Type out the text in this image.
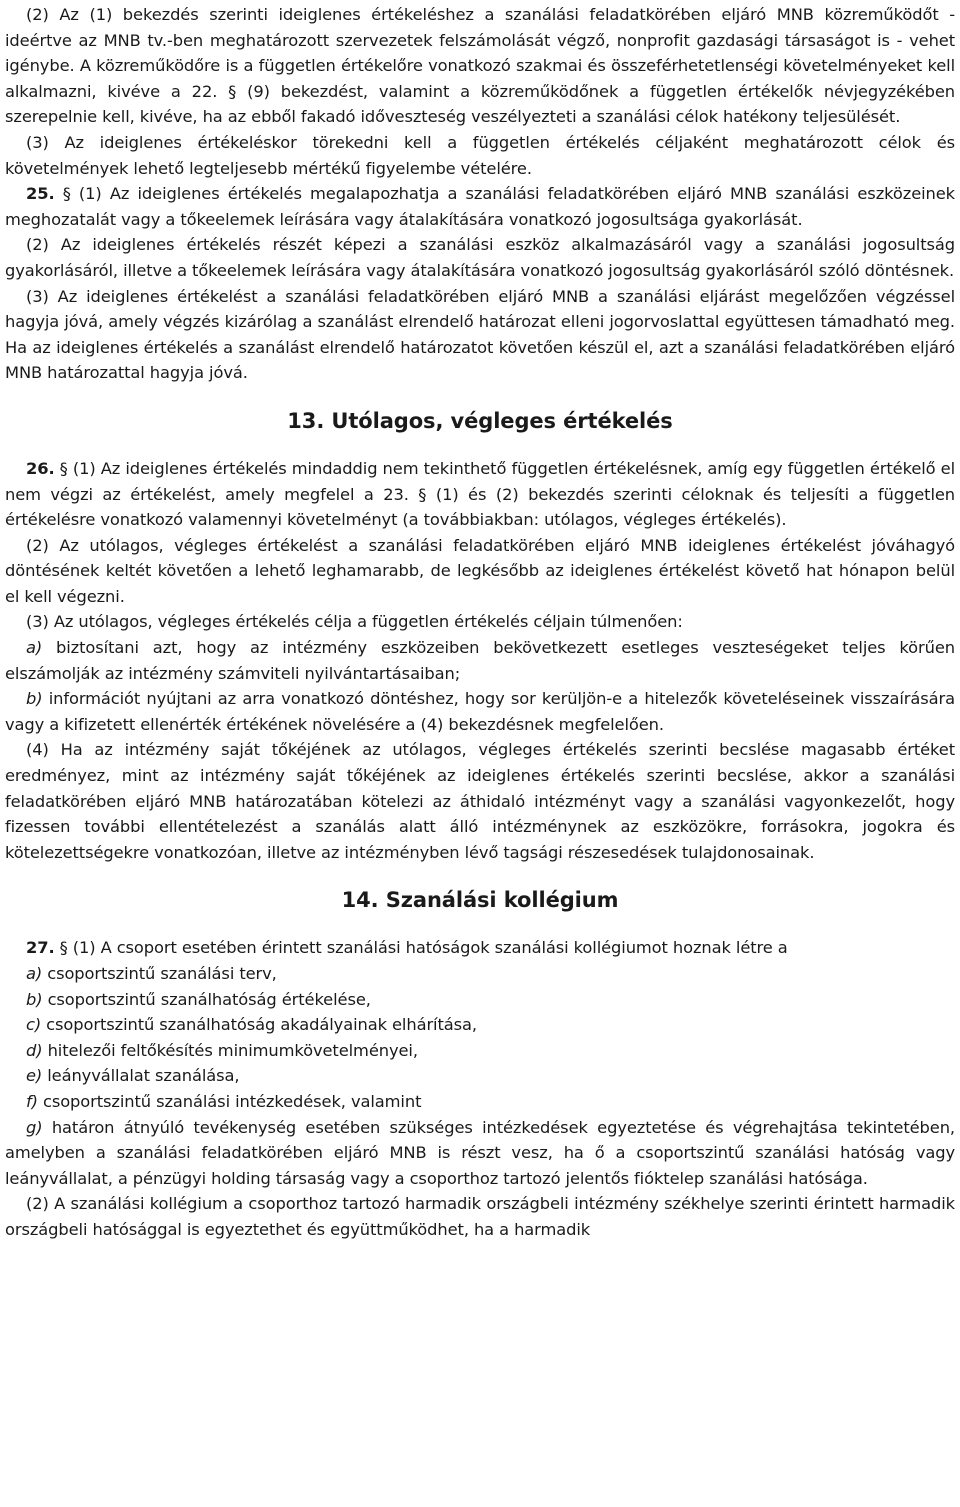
(2) Az (1) bekezdés szerinti ideiglenes értékeléshez a szanálási feladatkörében eljáró MNB közreműködőt - ideértve az MNB tv.-ben meghatározott szervezetek felszámolását végző, nonprofit gazdasági társaságot is - vehet igénybe. A közreműködőre is a független értékelőre vonatkozó szakmai és összeférhetetlenségi követelményeket kell alkalmazni, kivéve a 22. § (9) bekezdést, valamint a közreműködőnek a független értékelők névjegyzékében szerepelnie kell, kivéve, ha az ebből fakadó időveszteség veszélyezteti a szanálási célok hatékony teljesülését.

(3) Az ideiglenes értékeléskor törekedni kell a független értékelés céljaként meghatározott célok és követelmények lehető legteljesebb mértékű figyelembe vételére.

25. § (1) Az ideiglenes értékelés megalapozhatja a szanálási feladatkörében eljáró MNB szanálási eszközeinek meghozatalát vagy a tőkeelemek leírására vagy átalakítására vonatkozó jogosultsága gyakorlását.

(2) Az ideiglenes értékelés részét képezi a szanálási eszköz alkalmazásáról vagy a szanálási jogosultság gyakorlásáról, illetve a tőkeelemek leírására vagy átalakítására vonatkozó jogosultság gyakorlásáról szóló döntésnek.

(3) Az ideiglenes értékelést a szanálási feladatkörében eljáró MNB a szanálási eljárást megelőzően végzéssel hagyja jóvá, amely végzés kizárólag a szanálást elrendelő határozat elleni jogorvoslattal együttesen támadható meg. Ha az ideiglenes értékelés a szanálást elrendelő határozatot követően készül el, azt a szanálási feladatkörében eljáró MNB határozattal hagyja jóvá.

13. Utólagos, végleges értékelés

26. § (1) Az ideiglenes értékelés mindaddig nem tekinthető független értékelésnek, amíg egy független értékelő el nem végzi az értékelést, amely megfelel a 23. § (1) és (2) bekezdés szerinti céloknak és teljesíti a független értékelésre vonatkozó valamennyi követelményt (a továbbiakban: utólagos, végleges értékelés).

(2) Az utólagos, végleges értékelést a szanálási feladatkörében eljáró MNB ideiglenes értékelést jóváhagyó döntésének keltét követően a lehető leghamarabb, de legkésőbb az ideiglenes értékelést követő hat hónapon belül el kell végezni.

(3) Az utólagos, végleges értékelés célja a független értékelés céljain túlmenően:

a) biztosítani azt, hogy az intézmény eszközeiben bekövetkezett esetleges veszteségeket teljes körűen elszámolják az intézmény számviteli nyilvántartásaiban;

b) információt nyújtani az arra vonatkozó döntéshez, hogy sor kerüljön-e a hitelezők követeléseinek visszaírására vagy a kifizetett ellenérték értékének növelésére a (4) bekezdésnek megfelelően.

(4) Ha az intézmény saját tőkéjének az utólagos, végleges értékelés szerinti becslése magasabb értéket eredményez, mint az intézmény saját tőkéjének az ideiglenes értékelés szerinti becslése, akkor a szanálási feladatkörében eljáró MNB határozatában kötelezi az áthidaló intézményt vagy a szanálási vagyonkezelőt, hogy fizessen további ellentételezést a szanálás alatt álló intézménynek az eszközökre, forrásokra, jogokra és kötelezettségekre vonatkozóan, illetve az intézményben lévő tagsági részesedések tulajdonosainak.

14. Szanálási kollégium

27. § (1) A csoport esetében érintett szanálási hatóságok szanálási kollégiumot hoznak létre a

a) csoportszintű szanálási terv,

b) csoportszintű szanálhatóság értékelése,

c) csoportszintű szanálhatóság akadályainak elhárítása,

d) hitelezői feltőkésítés minimumkövetelményei,

e) leányvállalat szanálása,

f) csoportszintű szanálási intézkedések, valamint

g) határon átnyúló tevékenység esetében szükséges intézkedések egyeztetése és végrehajtása tekintetében, amelyben a szanálási feladatkörében eljáró MNB is részt vesz, ha ő a csoportszintű szanálási hatóság vagy leányvállalat, a pénzügyi holding társaság vagy a csoporthoz tartozó jelentős fióktelep szanálási hatósága.

(2) A szanálási kollégium a csoporthoz tartozó harmadik országbeli intézmény székhelye szerinti érintett harmadik országbeli hatósággal is egyeztethet és együttműködhet, ha a harmadik
